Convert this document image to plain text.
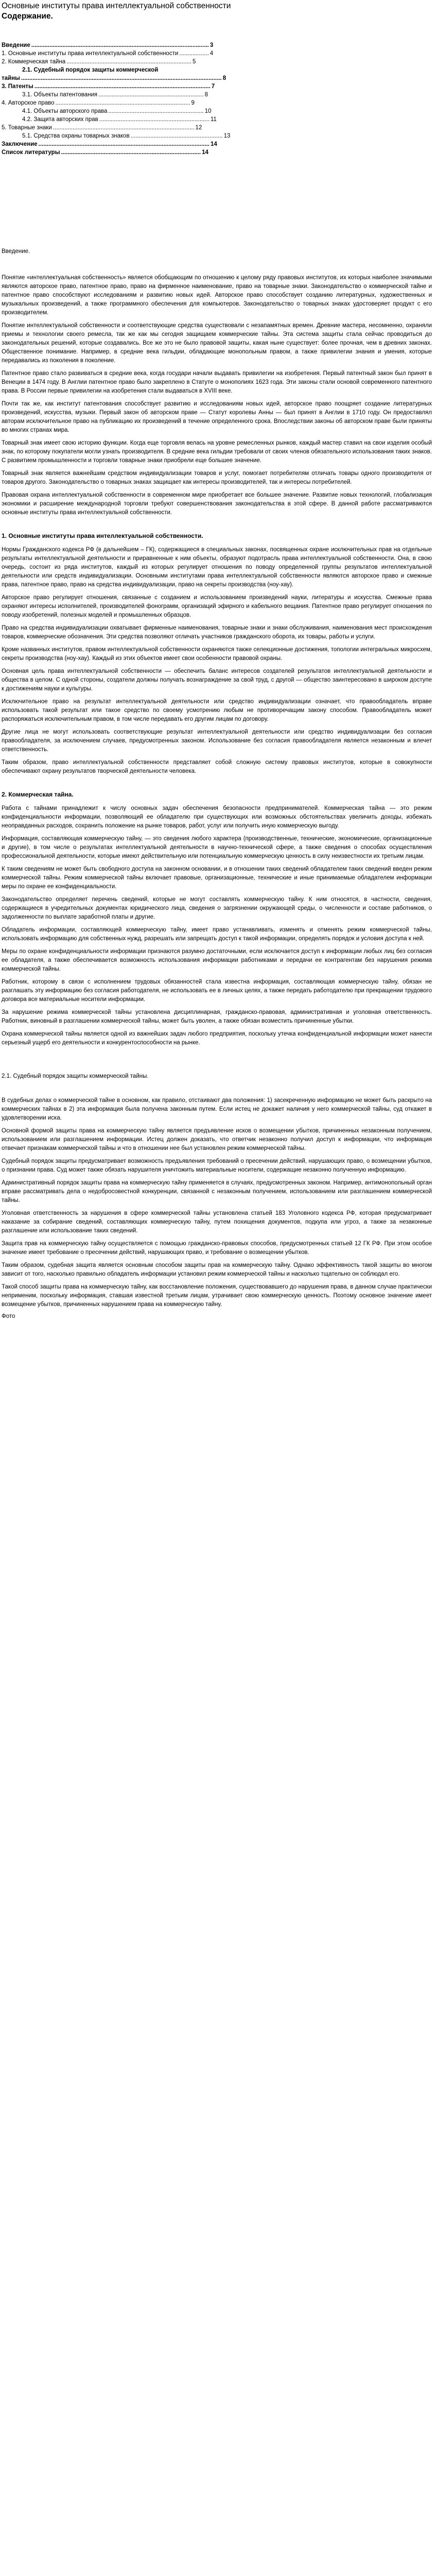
Основные институты права интеллектуальной собственности
Содержание.
Введение ............................................................................................................ 3
1. Основные институты права интеллектуальной собственности .................. 4
2. Коммерческая тайна ............................................................................ 5
2.1. Судебный порядок защиты коммерческой
тайны .......................................................................................................................... 8
3. Патенты ........................................................................................................... 7
3.1. Объекты патентования ................................................................ 8
4. Авторское право .................................................................................. 9
4.1. Объекты авторского права .......................................................... 10
4.2. Защита авторских прав ................................................................... 11
5. Товарные знаки ...................................................................................... 12
5.1. Средства охраны товарных знаков ........................................................ 13
Заключение ........................................................................................................ 14
Список литературы ..................................................................................... 14
Введение.

Понятие «интеллектуальная собственность» является обобщающим по отношению к целому ряду правовых институтов, их которых наиболее значимыми являются авторское право, патентное право, право на фирменное наименование, право на товарные знаки. Законодательство о коммерческой тайне и патентное право способствуют исследованиям и развитию новых идей. Авторское право способствует созданию литературных, художественных и музыкальных произведений, а также программного обеспечения для компьютеров. Законодательство о товарных знаках удостоверяет продукт с его производителем.

Понятие интеллектуальной собственности и соответствующие средства существовали с незапамятных времен. Древние мастера, несомненно, охраняли приемы и технологии своего ремесла, так же как мы сегодня защищаем коммерческие тайны. Эта система защиты стала сейчас проводиться до законодательных решений, которые создавались. Все же это не было правовой защиты, какая ныне существует: более прочная, чем в древних законах. Общественное понимание. Например, в средние века гильдии, обладающие монопольным правом, а также привилегии знания и умения, которые передавались из поколения в поколение.

Патентное право стало развиваться в средние века, когда государи начали выдавать привилегии на изобретения. Первый патентный закон был принят в Венеции в 1474 году. В Англии патентное право было закреплено в Статуте о монополиях 1623 года. Эти законы стали основой современного патентного права. В России первые привилегии на изобретения стали выдаваться в XVIII веке.

Почти так же, как институт патентования способствует развитию и исследованиям новых идей, авторское право поощряет создание литературных произведений, искусства, музыки. Первый закон об авторском праве — Статут королевы Анны — был принят в Англии в 1710 году. Он предоставлял авторам исключительное право на публикацию их произведений в течение определенного срока. Впоследствии законы об авторском праве были приняты во многих странах мира.

Товарный знак имеет свою историю функции. Когда еще торговля велась на уровне ремесленных рынков, каждый мастер ставил на свои изделия особый знак, по которому покупатели могли узнать производителя. В средние века гильдии требовали от своих членов обязательного использования таких знаков. С развитием промышленности и торговли товарные знаки приобрели еще большее значение.

Товарный знак является важнейшим средством индивидуализации товаров и услуг, помогает потребителям отличать товары одного производителя от товаров другого. Законодательство о товарных знаках защищает как интересы производителей, так и интересы потребителей.

Правовая охрана интеллектуальной собственности в современном мире приобретает все большее значение. Развитие новых технологий, глобализация экономики и расширение международной торговли требуют совершенствования законодательства в этой сфере. В данной работе рассматриваются основные институты права интеллектуальной собственности.

1. Основные институты права интеллектуальной собственности.

Нормы Гражданского кодекса РФ (в дальнейшем – ГК), содержащиеся в специальных законах, посвященных охране исключительных прав на отдельные результаты интеллектуальной деятельности и приравненные к ним объекты, образуют подотрасль права интеллектуальной собственности. Она, в свою очередь, состоит из ряда институтов, каждый из которых регулирует отношения по поводу определенной группы результатов интеллектуальной деятельности или средств индивидуализации. Основными институтами права интеллектуальной собственности являются авторское право и смежные права, патентное право, право на средства индивидуализации, право на секреты производства (ноу-хау).

Авторское право регулирует отношения, связанные с созданием и использованием произведений науки, литературы и искусства. Смежные права охраняют интересы исполнителей, производителей фонограмм, организаций эфирного и кабельного вещания. Патентное право регулирует отношения по поводу изобретений, полезных моделей и промышленных образцов.

Право на средства индивидуализации охватывает фирменные наименования, товарные знаки и знаки обслуживания, наименования мест происхождения товаров, коммерческие обозначения. Эти средства позволяют отличать участников гражданского оборота, их товары, работы и услуги.

Кроме названных институтов, правом интеллектуальной собственности охраняются также селекционные достижения, топологии интегральных микросхем, секреты производства (ноу-хау). Каждый из этих объектов имеет свои особенности правовой охраны.

Основная цель права интеллектуальной собственности — обеспечить баланс интересов создателей результатов интеллектуальной деятельности и общества в целом. С одной стороны, создатели должны получать вознаграждение за свой труд, с другой — общество заинтересовано в широком доступе к достижениям науки и культуры.

Исключительное право на результат интеллектуальной деятельности или средство индивидуализации означает, что правообладатель вправе использовать такой результат или такое средство по своему усмотрению любым не противоречащим закону способом. Правообладатель может распоряжаться исключительным правом, в том числе передавать его другим лицам по договору.

Другие лица не могут использовать соответствующие результат интеллектуальной деятельности или средство индивидуализации без согласия правообладателя, за исключением случаев, предусмотренных законом. Использование без согласия правообладателя является незаконным и влечет ответственность.

Таким образом, право интеллектуальной собственности представляет собой сложную систему правовых институтов, которые в совокупности обеспечивают охрану результатов творческой деятельности человека.

2. Коммерческая тайна.

Работа с тайнами принадлежит к числу основных задач обеспечения безопасности предпринимателей. Коммерческая тайна — это режим конфиденциальности информации, позволяющий ее обладателю при существующих или возможных обстоятельствах увеличить доходы, избежать неоправданных расходов, сохранить положение на рынке товаров, работ, услуг или получить иную коммерческую выгоду.

Информация, составляющая коммерческую тайну, — это сведения любого характера (производственные, технические, экономические, организационные и другие), в том числе о результатах интеллектуальной деятельности в научно-технической сфере, а также сведения о способах осуществления профессиональной деятельности, которые имеют действительную или потенциальную коммерческую ценность в силу неизвестности их третьим лицам.

К таким сведениям не может быть свободного доступа на законном основании, и в отношении таких сведений обладателем таких сведений введен режим коммерческой тайны. Режим коммерческой тайны включает правовые, организационные, технические и иные принимаемые обладателем информации меры по охране ее конфиденциальности.

Законодательство определяет перечень сведений, которые не могут составлять коммерческую тайну. К ним относятся, в частности, сведения, содержащиеся в учредительных документах юридического лица, сведения о загрязнении окружающей среды, о численности и составе работников, о задолженности по выплате заработной платы и другие.

Обладатель информации, составляющей коммерческую тайну, имеет право устанавливать, изменять и отменять режим коммерческой тайны, использовать информацию для собственных нужд, разрешать или запрещать доступ к такой информации, определять порядок и условия доступа к ней.

Меры по охране конфиденциальности информации признаются разумно достаточными, если исключается доступ к информации любых лиц без согласия ее обладателя, а также обеспечивается возможность использования информации работниками и передачи ее контрагентам без нарушения режима коммерческой тайны.

Работник, которому в связи с исполнением трудовых обязанностей стала известна информация, составляющая коммерческую тайну, обязан не разглашать эту информацию без согласия работодателя, не использовать ее в личных целях, а также передать работодателю при прекращении трудового договора все материальные носители информации.

За нарушение режима коммерческой тайны установлена дисциплинарная, гражданско-правовая, административная и уголовная ответственность. Работник, виновный в разглашении коммерческой тайны, может быть уволен, а также обязан возместить причиненные убытки.

Охрана коммерческой тайны является одной из важнейших задач любого предприятия, поскольку утечка конфиденциальной информации может нанести серьезный ущерб его деятельности и конкурентоспособности на рынке.

2.1. Судебный порядок защиты коммерческой тайны.

В судебных делах о коммерческой тайне в основном, как правило, отстаивают два положения: 1) засекреченную информацию не может быть раскрыто на коммерческих тайнах в 2) эта информация была получена законным путем. Если истец не докажет наличия у него коммерческой тайны, суд откажет в удовлетворении иска.

Основной формой защиты права на коммерческую тайну является предъявление исков о возмещении убытков, причиненных незаконным получением, использованием или разглашением информации. Истец должен доказать, что ответчик незаконно получил доступ к информации, что информация отвечает признакам коммерческой тайны и что в отношении нее был установлен режим коммерческой тайны.

Судебный порядок защиты предусматривает возможность предъявления требований о пресечении действий, нарушающих право, о возмещении убытков, о признании права. Суд может также обязать нарушителя уничтожить материальные носители, содержащие незаконно полученную информацию.

Административный порядок защиты права на коммерческую тайну применяется в случаях, предусмотренных законом. Например, антимонопольный орган вправе рассматривать дела о недобросовестной конкуренции, связанной с незаконным получением, использованием или разглашением коммерческой тайны.

Уголовная ответственность за нарушения в сфере коммерческой тайны установлена статьей 183 Уголовного кодекса РФ, которая предусматривает наказание за собирание сведений, составляющих коммерческую тайну, путем похищения документов, подкупа или угроз, а также за незаконные разглашение или использование таких сведений.

Защита прав на коммерческую тайну осуществляется с помощью гражданско-правовых способов, предусмотренных статьей 12 ГК РФ. При этом особое значение имеет требование о пресечении действий, нарушающих право, и требование о возмещении убытков.

Таким образом, судебная защита является основным способом защиты прав на коммерческую тайну. Однако эффективность такой защиты во многом зависит от того, насколько правильно обладатель информации установил режим коммерческой тайны и насколько тщательно он соблюдал его.

Такой способ защиты права на коммерческую тайну, как восстановление положения, существовавшего до нарушения права, в данном случае практически неприменим, поскольку информация, ставшая известной третьим лицам, утрачивает свою коммерческую ценность. Поэтому основное значение имеет возмещение убытков, причиненных нарушением права на коммерческую тайну.

Фото
